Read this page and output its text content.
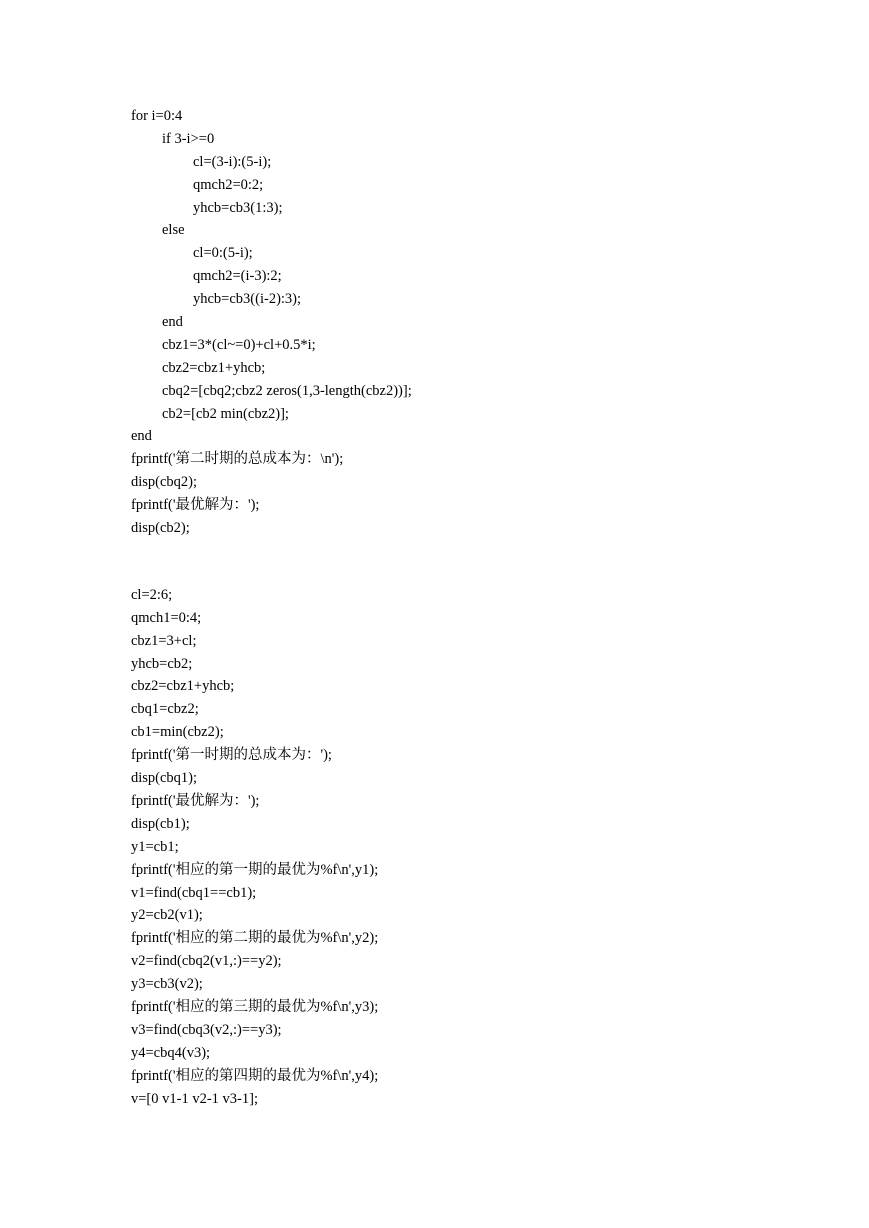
for i=0:4
if 3-i>=0
cl=(3-i):(5-i);
qmch2=0:2;
yhcb=cb3(1:3);
else
cl=0:(5-i);
qmch2=(i-3):2;
yhcb=cb3((i-2):3);
end
cbz1=3*(cl~=0)+cl+0.5*i;
cbz2=cbz1+yhcb;
cbq2=[cbq2;cbz2 zeros(1,3-length(cbz2))];
cb2=[cb2 min(cbz2)];
end
fprintf('第二时期的总成本为：\n');
disp(cbq2);
fprintf('最优解为：');
disp(cb2);
cl=2:6;
qmch1=0:4;
cbz1=3+cl;
yhcb=cb2;
cbz2=cbz1+yhcb;
cbq1=cbz2;
cb1=min(cbz2);
fprintf('第一时期的总成本为：');
disp(cbq1);
fprintf('最优解为：');
disp(cb1);
y1=cb1;
fprintf('相应的第一期的最优为%f\n',y1);
v1=find(cbq1==cb1);
y2=cb2(v1);
fprintf('相应的第二期的最优为%f\n',y2);
v2=find(cbq2(v1,:)==y2);
y3=cb3(v2);
fprintf('相应的第三期的最优为%f\n',y3);
v3=find(cbq3(v2,:)==y3);
y4=cbq4(v3);
fprintf('相应的第四期的最优为%f\n',y4);
v=[0 v1-1 v2-1 v3-1];
